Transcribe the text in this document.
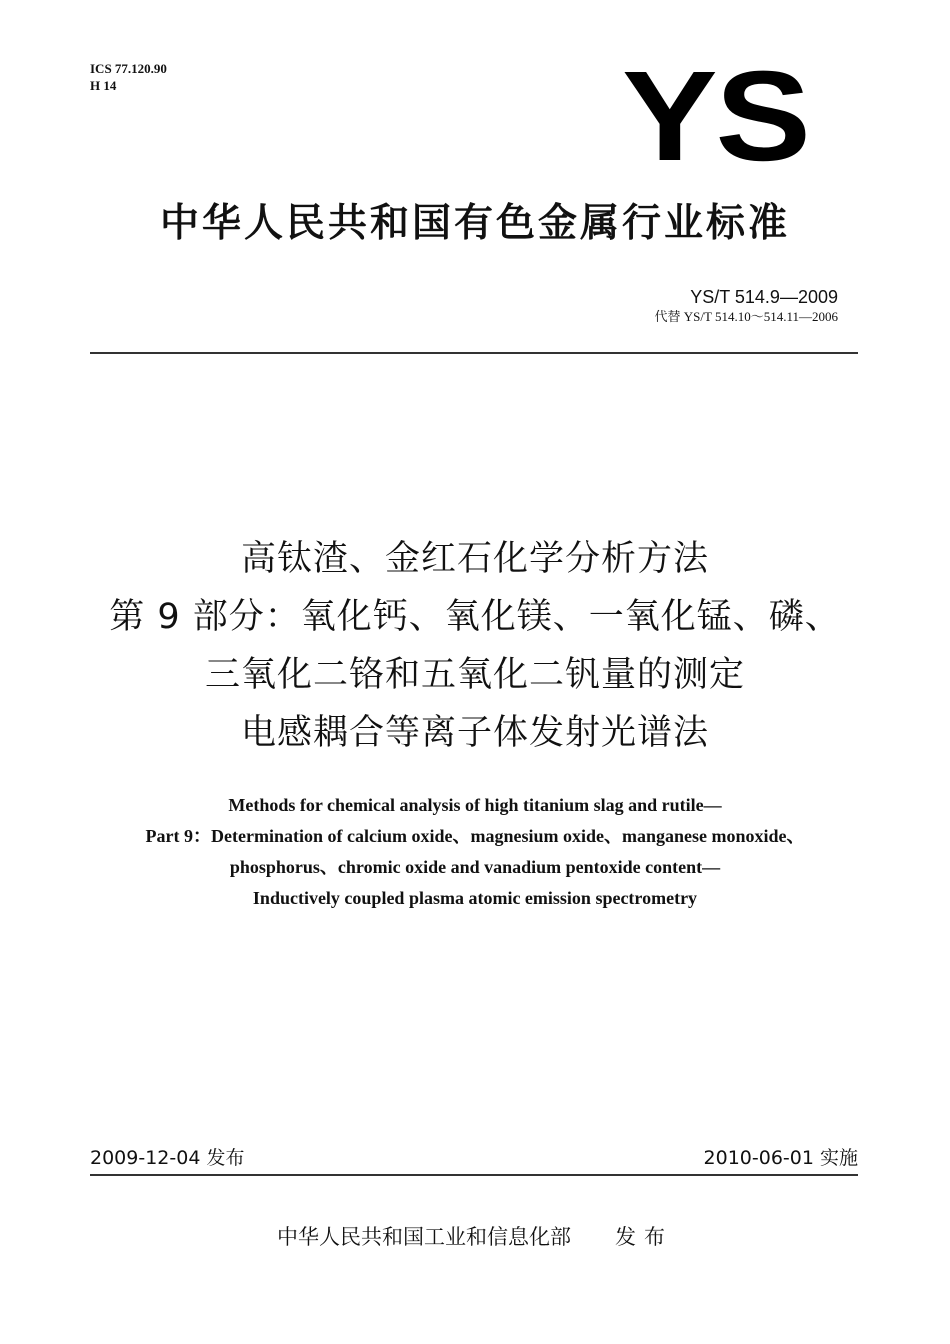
ICS 77.120.90
H 14	YS
中华人民共和国有色金属行业标准
YS/T 514.9—2009
代替 YS/T 514.10～514.11—2006
高钛渣、金红石化学分析方法
第 9 部分：氧化钙、氧化镁、一氧化锰、磷、
三氧化二铬和五氧化二钒量的测定
电感耦合等离子体发射光谱法
Methods for chemical analysis of high titanium slag and rutile—
Part 9：Determination of calcium oxide、magnesium oxide、manganese monoxide、
phosphorus、chromic oxide and vanadium pentoxide content—
Inductively coupled plasma atomic emission spectrometry
2009-12-04 发布	2010-06-01 实施
中华人民共和国工业和信息化部 发布
